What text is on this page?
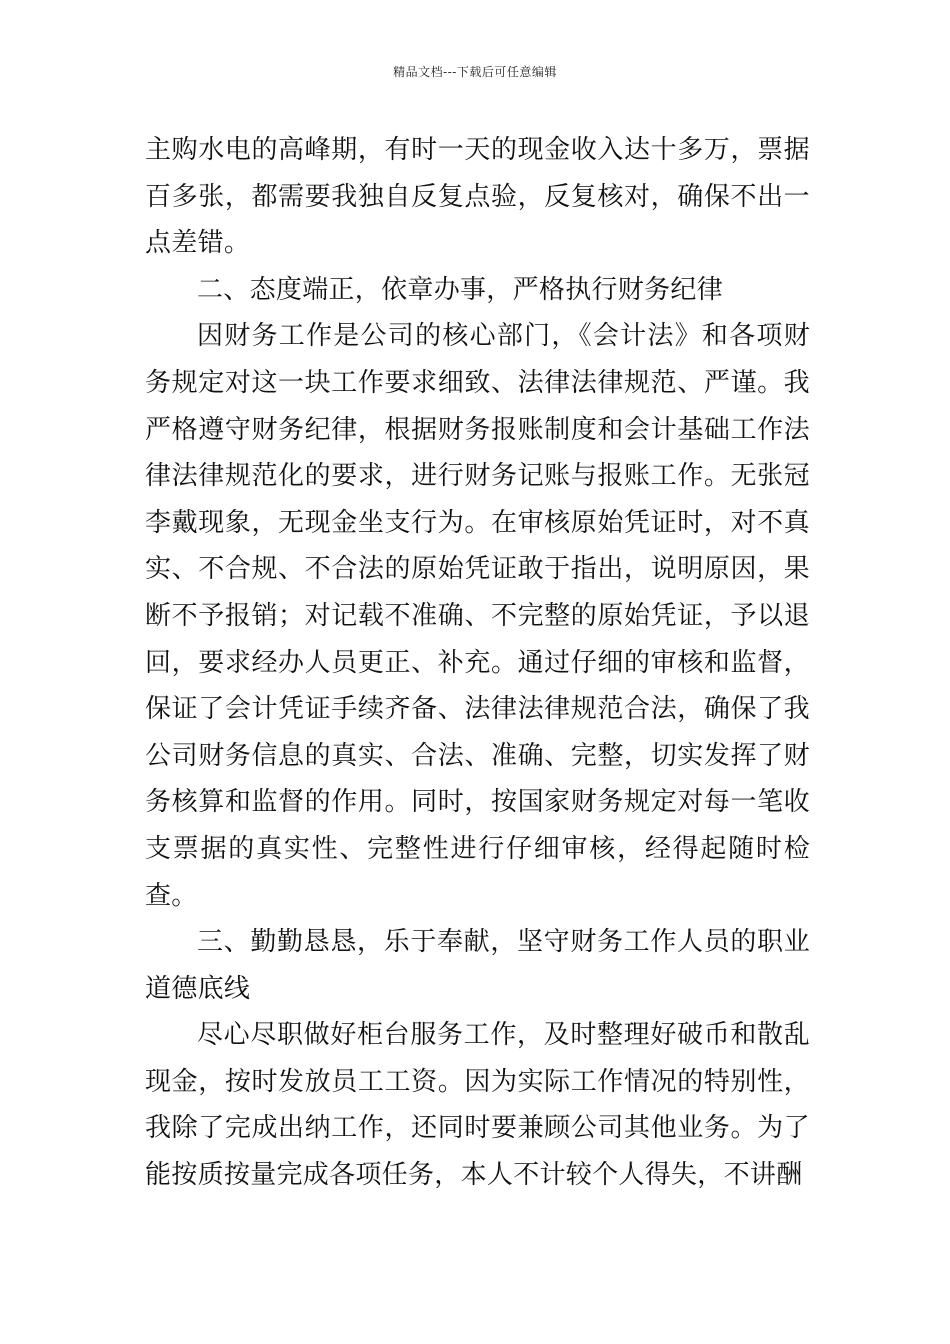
精品文档---下载后可任意编辑

主购水电的高峰期，有时一天的现金收入达十多万，票据百多张，都需要我独自反复点验，反复核对，确保不出一点差错。

二、态度端正，依章办事，严格执行财务纪律

因财务工作是公司的核心部门，《会计法》和各项财务规定对这一块工作要求细致、法律法律规范、严谨。我严格遵守财务纪律，根据财务报账制度和会计基础工作法律法律规范化的要求，进行财务记账与报账工作。无张冠李戴现象，无现金坐支行为。在审核原始凭证时，对不真实、不合规、不合法的原始凭证敢于指出，说明原因，果断不予报销；对记载不准确、不完整的原始凭证，予以退回，要求经办人员更正、补充。通过仔细的审核和监督，保证了会计凭证手续齐备、法律法律规范合法，确保了我公司财务信息的真实、合法、准确、完整，切实发挥了财务核算和监督的作用。同时，按国家财务规定对每一笔收支票据的真实性、完整性进行仔细审核，经得起随时检查。

三、勤勤恳恳，乐于奉献，坚守财务工作人员的职业道德底线

尽心尽职做好柜台服务工作，及时整理好破币和散乱现金，按时发放员工工资。因为实际工作情况的特别性，我除了完成出纳工作，还同时要兼顾公司其他业务。为了能按质按量完成各项任务，本人不计较个人得失，不讲酬
